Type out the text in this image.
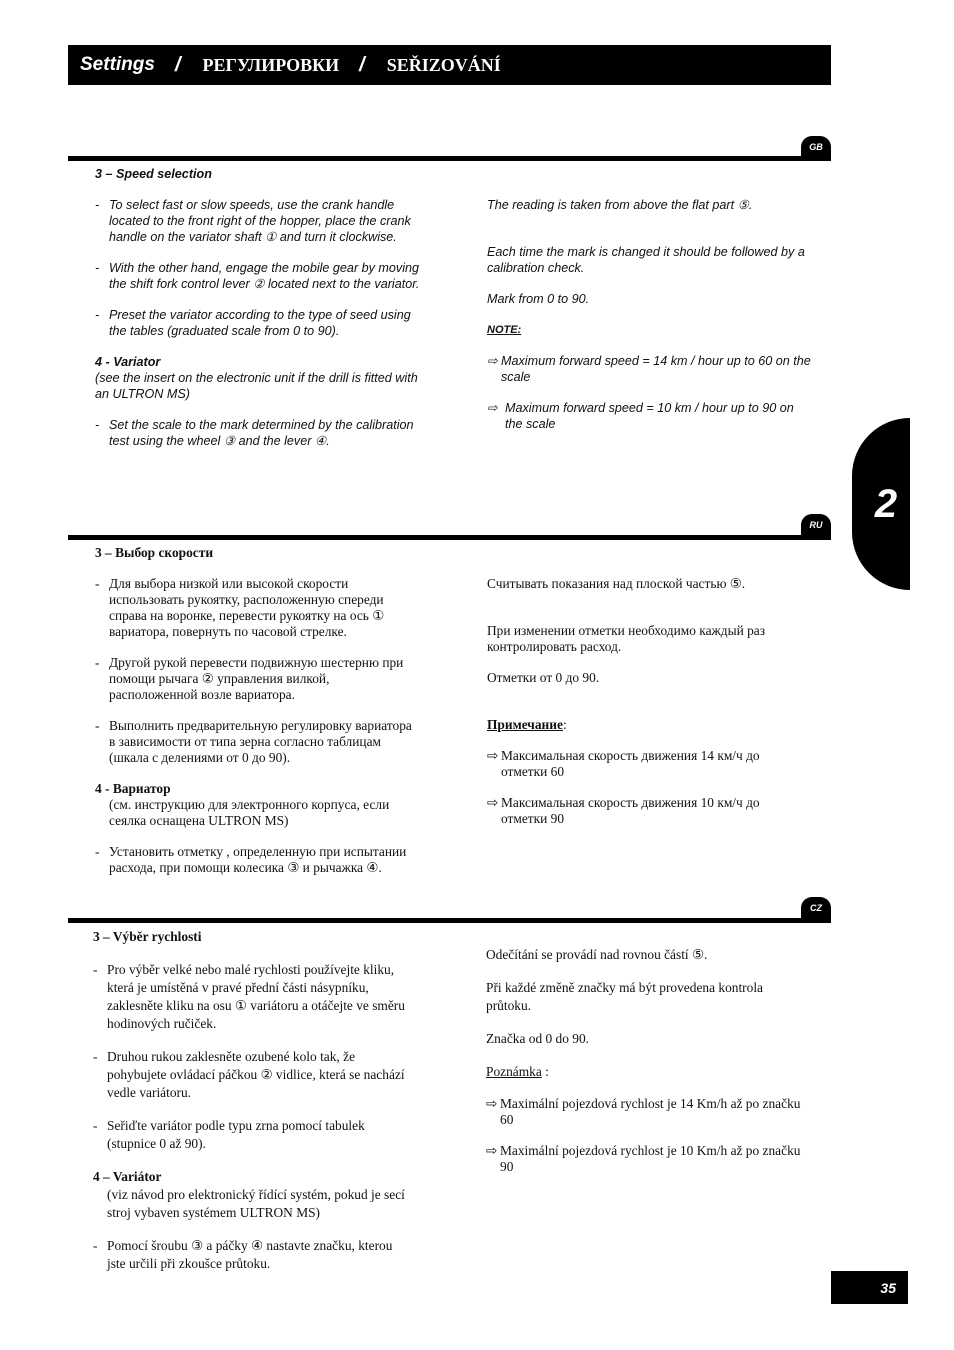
Settings / РЕГУЛИРОВКИ / SEŘIZOVÁNÍ
2
GB
3 – Speed selection
- To select fast or slow speeds, use the crank handle located to the front right of the hopper, place the crank handle on the variator shaft ① and turn it clockwise.
- With the other hand, engage the mobile gear by moving the shift fork control lever ② located next to the variator.
- Preset the variator according to the type of seed using the tables (graduated scale from 0 to 90).
4 - Variator
(see the insert on the electronic unit if the drill is fitted with an ULTRON MS)
- Set the scale to the mark determined by the calibration test using the wheel ③ and the lever ④.
The reading is taken from above the flat part ⑤.
Each time the mark is changed it should be followed by a calibration check.
Mark from 0 to 90.
NOTE:
⇨ Maximum forward speed = 14 km / hour up to 60 on the scale
⇨ Maximum forward speed = 10 km / hour up to 90 on the scale
RU
3 – Выбор скорости
- Для выбора низкой или высокой скорости использовать рукоятку, расположенную спереди справа на воронке, перевести рукоятку на ось ① вариатора, повернуть по часовой стрелке.
- Другой рукой перевести подвижную шестерню при помощи рычага ② управления вилкой, расположенной возле вариатора.
- Выполнить предварительную регулировку вариатора в зависимости от типа зерна согласно таблицам (шкала с делениями от 0 до 90).
4 - Вариатор
(см. инструкцию для электронного корпуса, если сеялка оснащена ULTRON MS)
- Установить отметку , определенную при испытании расхода, при помощи колесика ③ и рычажка ④.
Считывать показания над плоской частью ⑤.
При изменении отметки необходимо каждый раз контролировать расход.
Отметки от 0 до 90.
Примечание:
⇨ Максимальная скорость движения 14 км/ч до отметки 60
⇨ Максимальная скорость движения 10 км/ч до отметки 90
CZ
3 – Výběr rychlosti
- Pro výběr velké nebo malé rychlosti používejte kliku, která je umístěná v pravé přední části násypníku, zaklesněte kliku na osu ① variátoru a otáčejte ve směru hodinových ručiček.
- Druhou rukou zaklesněte ozubené kolo tak, že pohybujete ovládací páčkou ② vidlice, která se nachází vedle variátoru.
- Seřiďte variátor podle typu zrna pomocí tabulek (stupnice 0 až 90).
4 – Variátor
(viz návod pro elektronický řídící systém, pokud je secí stroj vybaven systémem ULTRON MS)
- Pomocí šroubu ③ a páčky ④ nastavte značku, kterou jste určili při zkoušce průtoku.
Odečítání se provádí nad rovnou částí ⑤.
Při každé změně značky má být provedena kontrola průtoku.
Značka od 0 do 90.
Poznámka :
⇨ Maximální pojezdová rychlost je 14 Km/h až po značku 60
⇨ Maximální pojezdová rychlost je 10 Km/h až po značku 90
35
